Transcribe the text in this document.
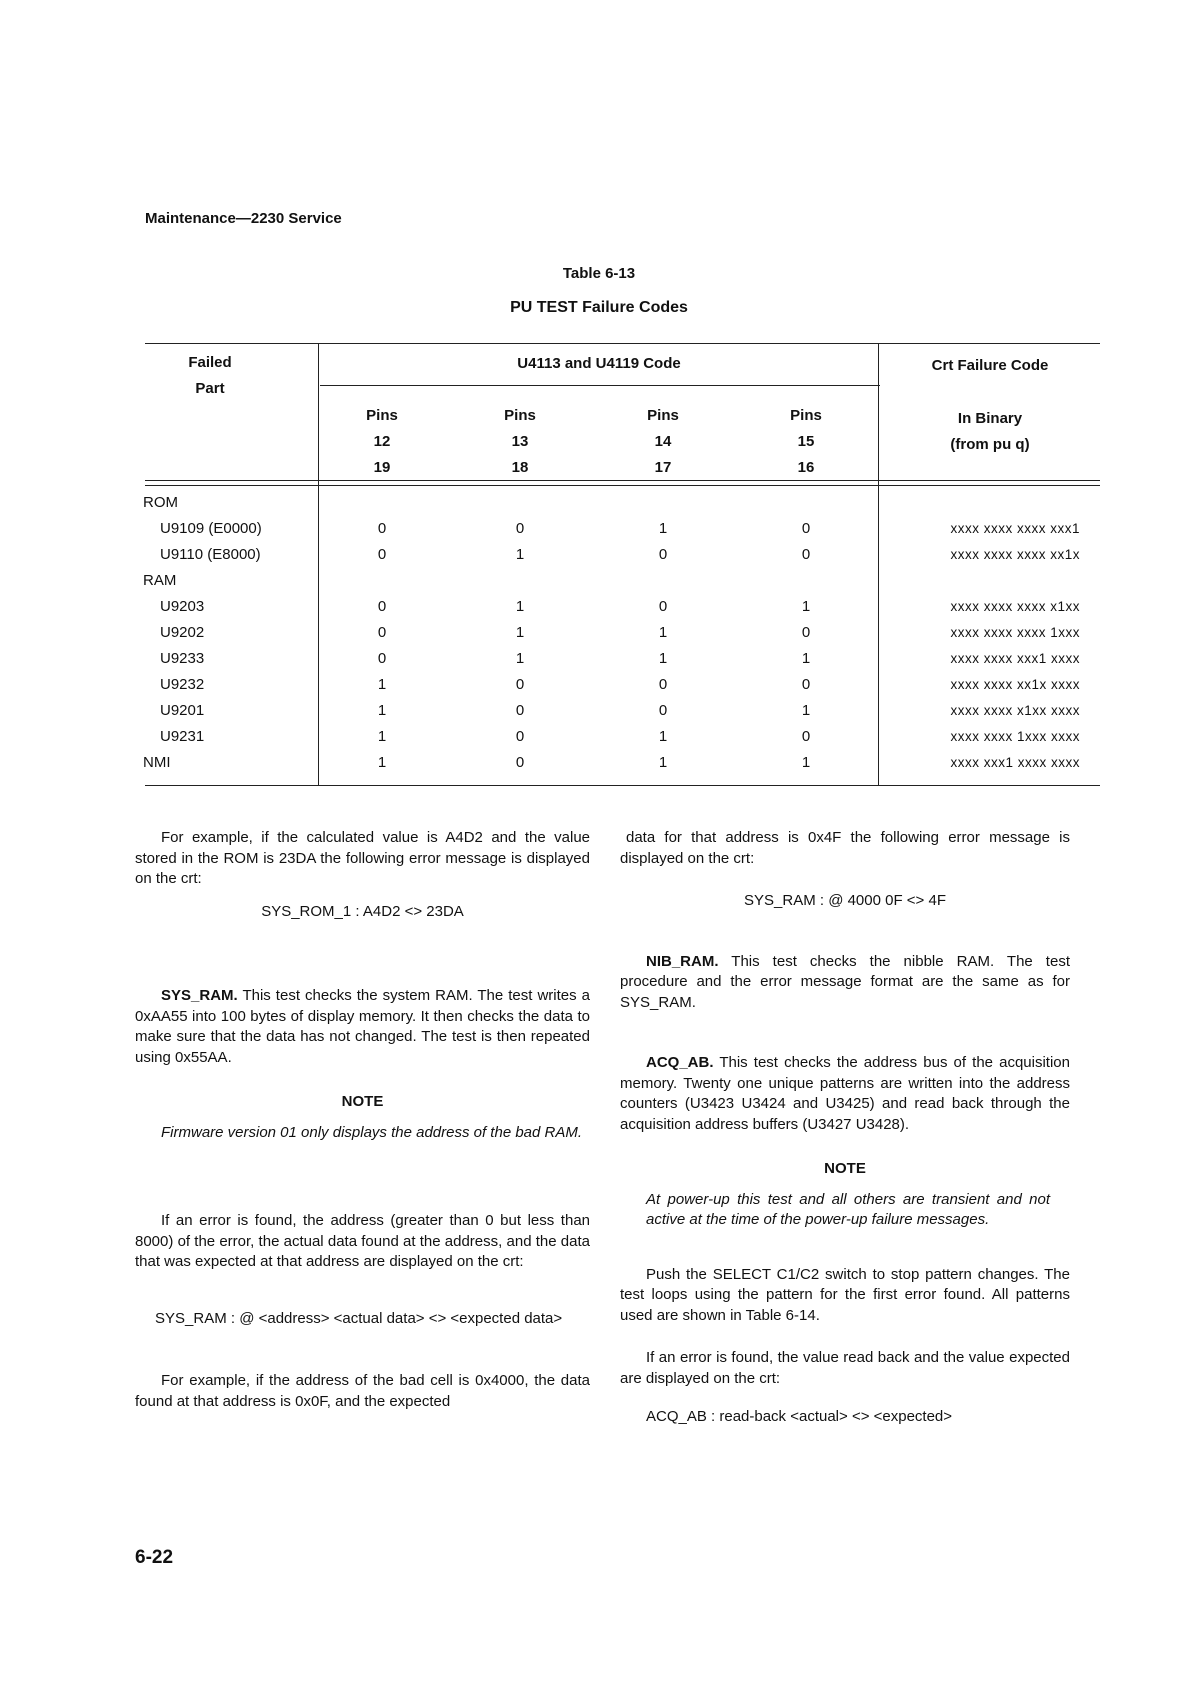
Maintenance—2230 Service
Table 6-13
PU TEST Failure Codes
Failed
Part
U4113 and U4119 Code	Crt Failure Code
In Binary
(from pu q)
Pins
12
19
Pins
13
18
Pins
14
17
Pins
15
16
ROM
U9109 (E0000)	0	0	1	0	xxxx xxxx xxxx xxx1
U9110 (E8000)	0	1	0	0	xxxx xxxx xxxx xx1x
RAM
U9203	0	1	0	1	xxxx xxxx xxxx x1xx
U9202	0	1	1	0	xxxx xxxx xxxx 1xxx
U9233	0	1	1	1	xxxx xxxx xxx1 xxxx
U9232	1	0	0	0	xxxx xxxx xx1x xxxx
U9201	1	0	0	1	xxxx xxxx x1xx xxxx
U9231	1	0	1	0	xxxx xxxx 1xxx xxxx
NMI	1	0	1	1	xxxx xxx1 xxxx xxxx

For example, if the calculated value is A4D2 and the value stored in the ROM is 23DA the following error message is displayed on the crt:

SYS_ROM_1 : A4D2 <> 23DA

SYS_RAM. This test checks the system RAM. The test writes a 0xAA55 into 100 bytes of display memory. It then checks the data to make sure that the data has not changed. The test is then repeated using 0x55AA.

NOTE

Firmware version 01 only displays the address of the bad RAM.

If an error is found, the address (greater than 0 but less than 8000) of the error, the actual data found at the address, and the data that was expected at that address are displayed on the crt:

SYS_RAM : @ <address> <actual data> <> <expected data>

For example, if the address of the bad cell is 0x4000, the data found at that address is 0x0F, and the expected

data for that address is 0x4F the following error message is displayed on the crt:

SYS_RAM : @ 4000 0F <> 4F

NIB_RAM. This test checks the nibble RAM. The test procedure and the error message format are the same as for SYS_RAM.

ACQ_AB. This test checks the address bus of the acquisition memory. Twenty one unique patterns are written into the address counters (U3423 U3424 and U3425) and read back through the acquisition address buffers (U3427 U3428).

NOTE

At power-up this test and all others are transient and not active at the time of the power-up failure messages.

Push the SELECT C1/C2 switch to stop pattern changes. The test loops using the pattern for the first error found. All patterns used are shown in Table 6-14.

If an error is found, the value read back and the value expected are displayed on the crt:

ACQ_AB : read-back <actual> <> <expected>

6-22
